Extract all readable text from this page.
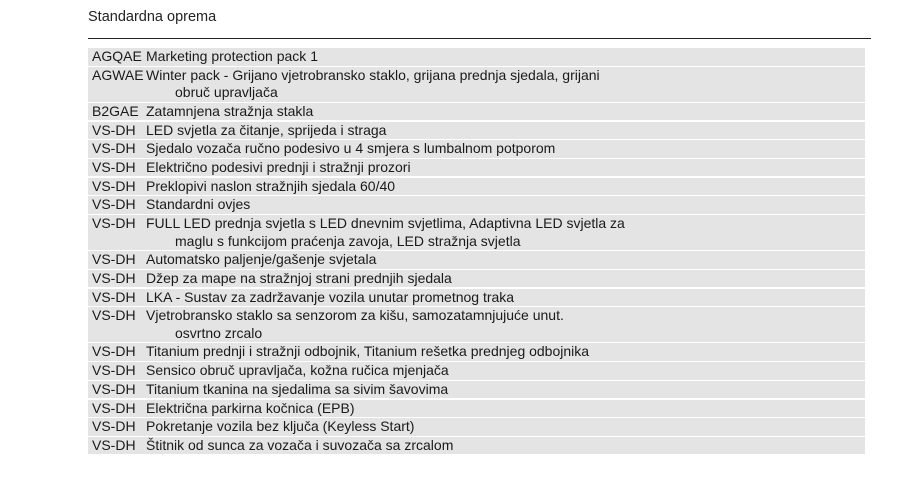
Standardna oprema
AGQAE Marketing protection pack 1
AGWAE Winter pack - Grijano vjetrobransko staklo, grijana prednja sjedala, grijani
obruč upravljača
B2GAE Zatamnjena stražnja stakla
VS-DH LED svjetla za čitanje, sprijeda i straga
VS-DH Sjedalo vozača ručno podesivo u 4 smjera s lumbalnom potporom
VS-DH Električno podesivi prednji i stražnji prozori
VS-DH Preklopivi naslon stražnjih sjedala 60/40
VS-DH Standardni ovjes
VS-DH FULL LED prednja svjetla s LED dnevnim svjetlima, Adaptivna LED svjetla za
maglu s funkcijom praćenja zavoja, LED stražnja svjetla
VS-DH Automatsko paljenje/gašenje svjetala
VS-DH Džep za mape na stražnjoj strani prednjih sjedala
VS-DH LKA - Sustav za zadržavanje vozila unutar prometnog traka
VS-DH Vjetrobransko staklo sa senzorom za kišu, samozatamnjujuće unut.
osvrtno zrcalo
VS-DH Titanium prednji i stražnji odbojnik, Titanium rešetka prednjeg odbojnika
VS-DH Sensico obruč upravljača, kožna ručica mjenjača
VS-DH Titanium tkanina na sjedalima sa sivim šavovima
VS-DH Električna parkirna kočnica (EPB)
VS-DH Pokretanje vozila bez ključa (Keyless Start)
VS-DH Štitnik od sunca za vozača i suvozača sa zrcalom
